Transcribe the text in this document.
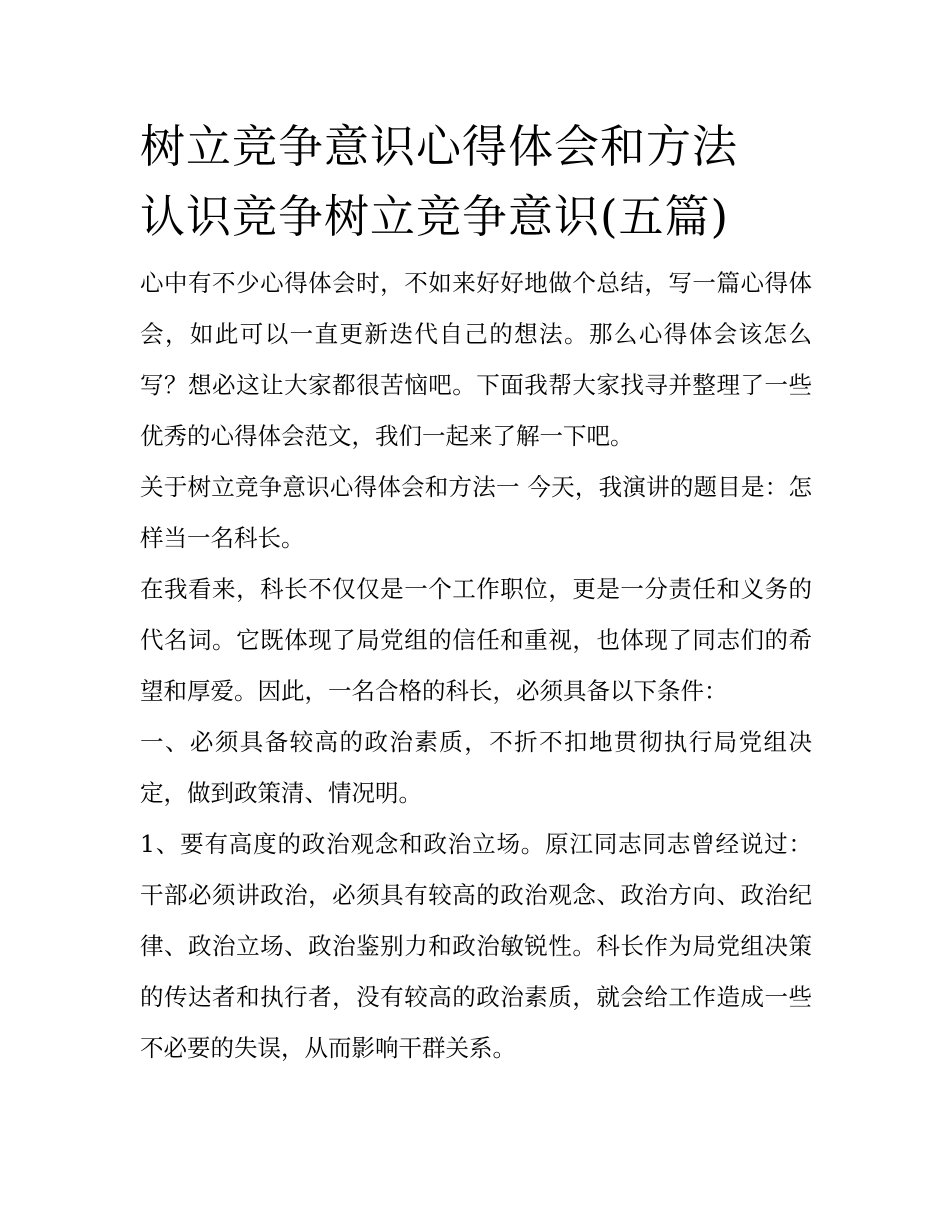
树立竞争意识心得体会和方法
认识竞争树立竞争意识(五篇)

心中有不少心得体会时，不如来好好地做个总结，写一篇心得体会，如此可以一直更新迭代自己的想法。那么心得体会该怎么写？想必这让大家都很苦恼吧。下面我帮大家找寻并整理了一些优秀的心得体会范文，我们一起来了解一下吧。

关于树立竞争意识心得体会和方法一 今天，我演讲的题目是：怎样当一名科长。

在我看来，科长不仅仅是一个工作职位，更是一分责任和义务的代名词。它既体现了局党组的信任和重视，也体现了同志们的希望和厚爱。因此，一名合格的科长，必须具备以下条件：

一、必须具备较高的政治素质，不折不扣地贯彻执行局党组决定，做到政策清、情况明。

1、要有高度的政治观念和政治立场。原江同志同志曾经说过：干部必须讲政治，必须具有较高的政治观念、政治方向、政治纪律、政治立场、政治鉴别力和政治敏锐性。科长作为局党组决策的传达者和执行者，没有较高的政治素质，就会给工作造成一些不必要的失误，从而影响干群关系。
